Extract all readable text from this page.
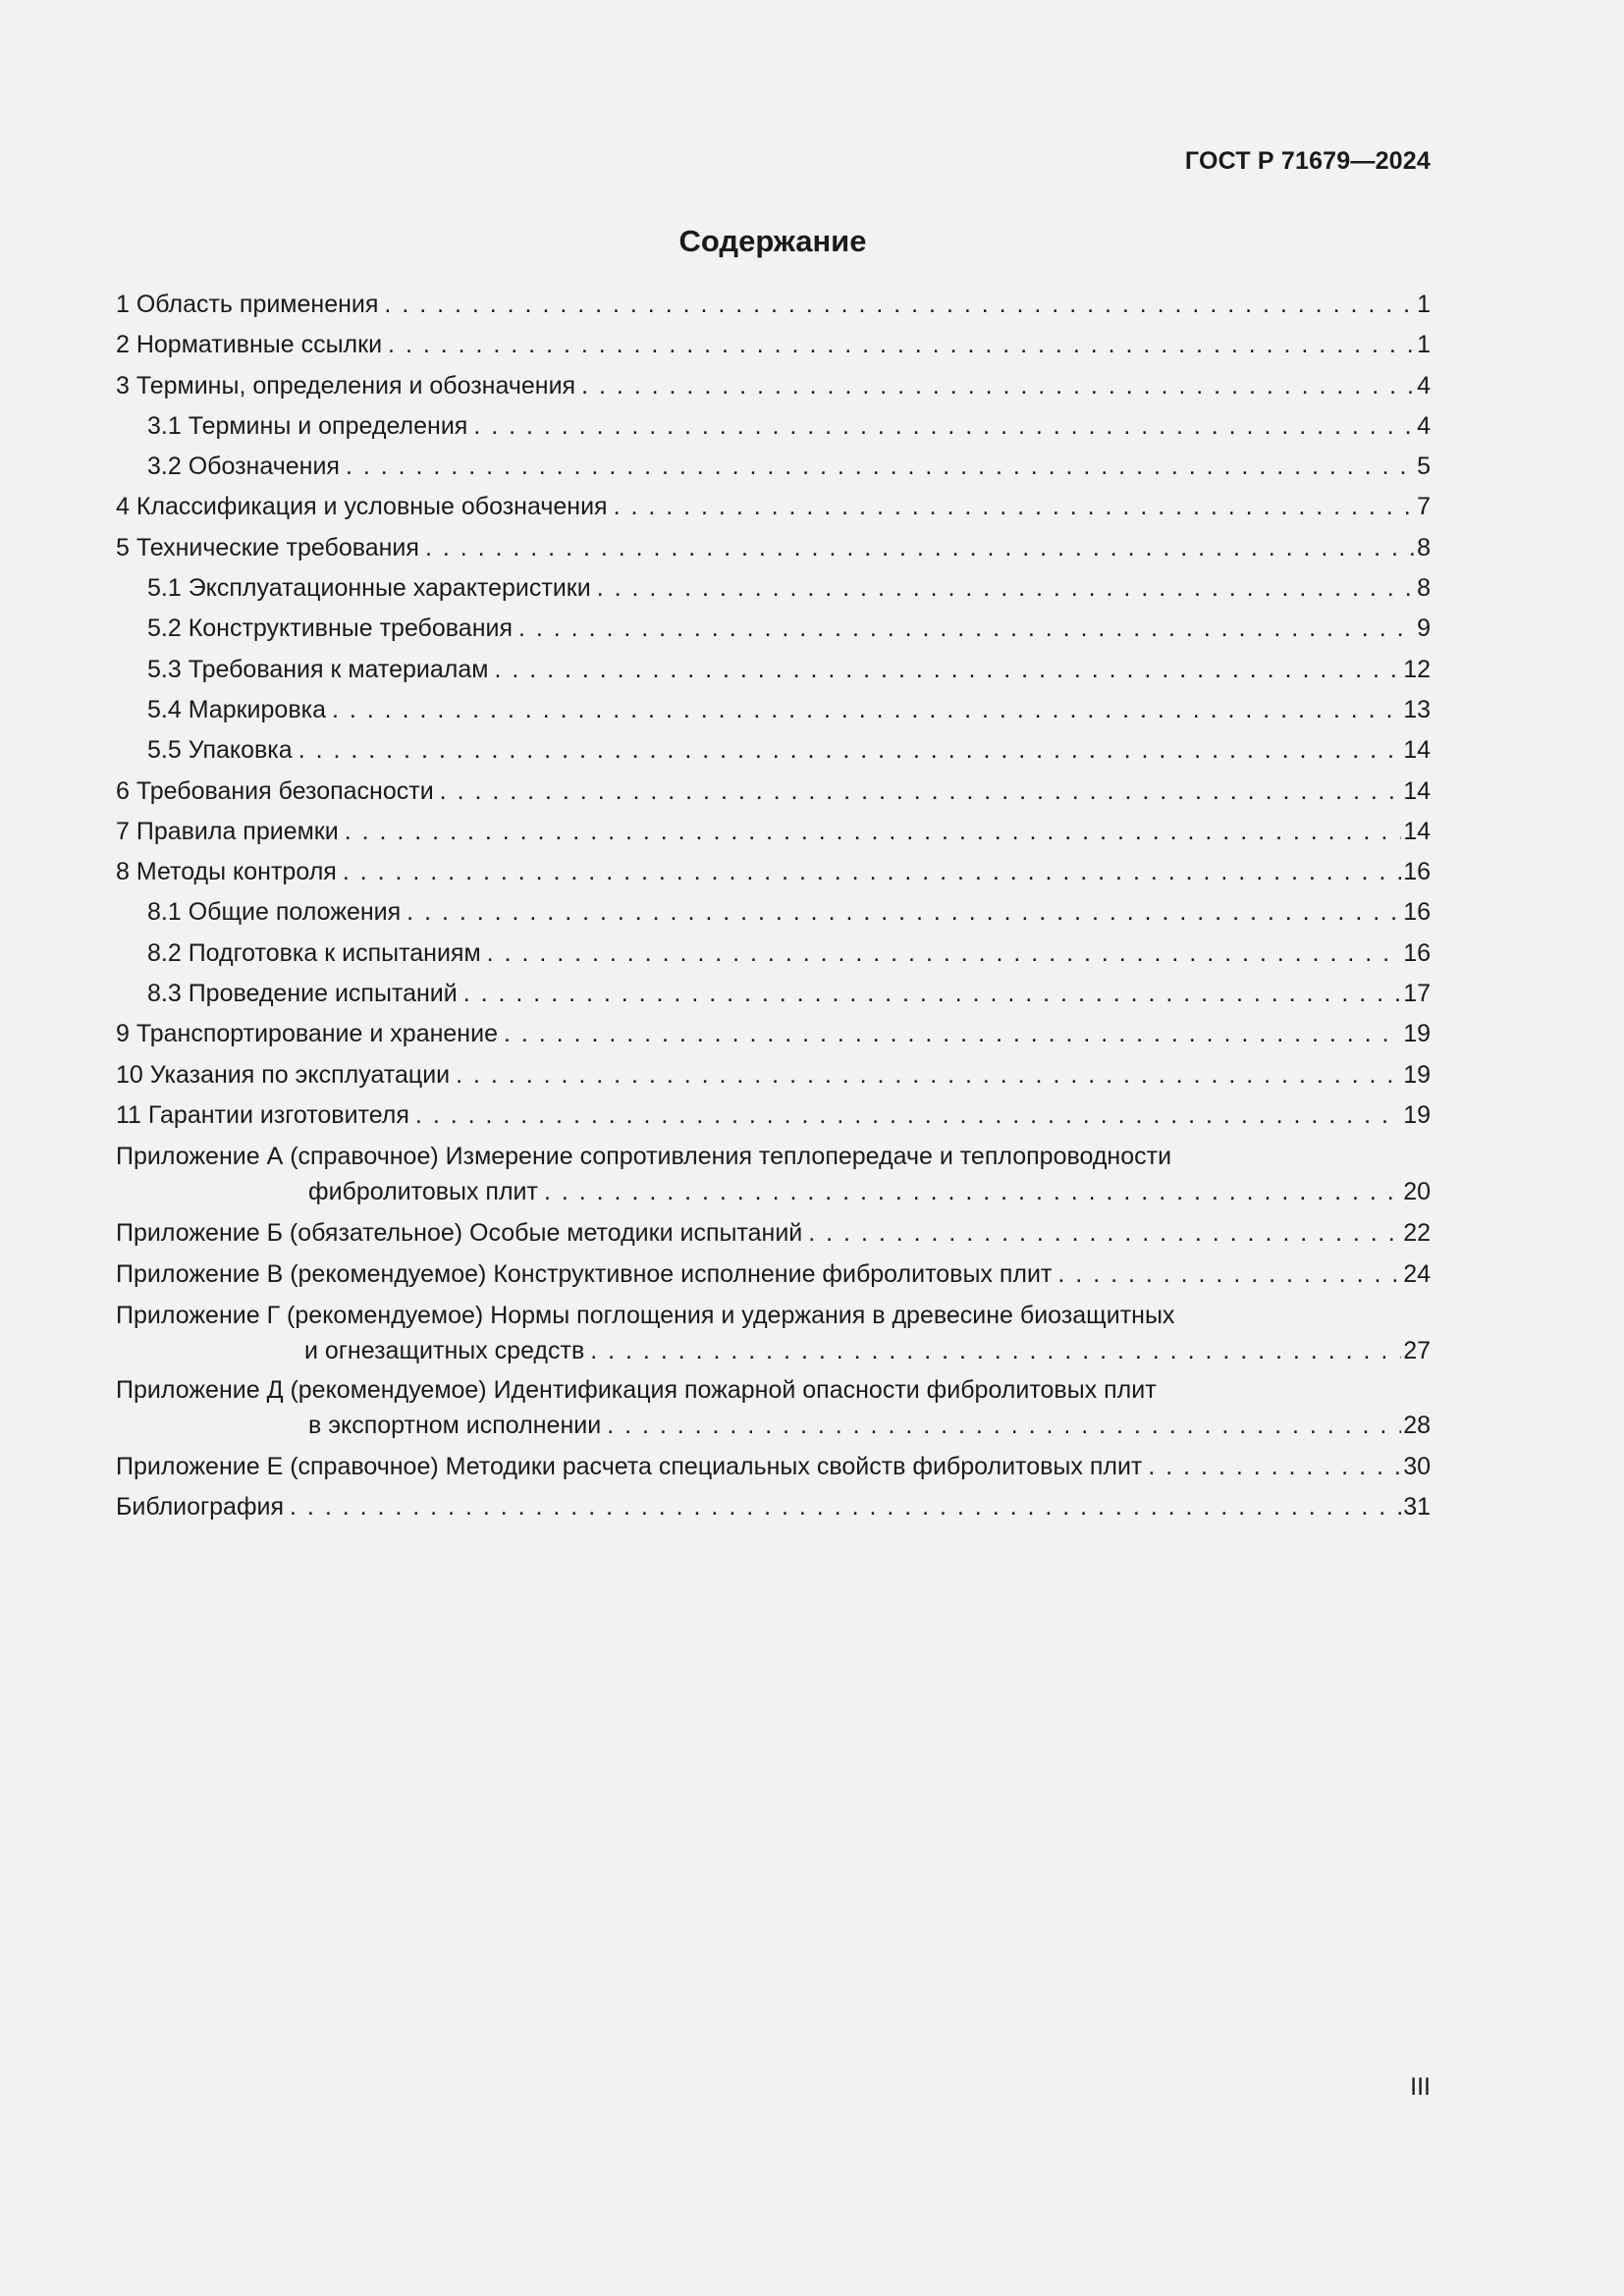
ГОСТ Р 71679—2024
Содержание
1 Область применения . . .	1
2 Нормативные ссылки . . .	1
3 Термины, определения и обозначения . . .	4
3.1 Термины и определения . . .	4
3.2 Обозначения . . .	5
4 Классификация и условные обозначения . . .	7
5 Технические требования . . .	8
5.1 Эксплуатационные характеристики . . .	8
5.2 Конструктивные требования . . .	9
5.3 Требования к материалам . . .	12
5.4 Маркировка . . .	13
5.5 Упаковка . . .	14
6 Требования безопасности . . .	14
7 Правила приемки . . .	14
8 Методы контроля . . .	16
8.1 Общие положения . . .	16
8.2 Подготовка к испытаниям . . .	16
8.3 Проведение испытаний . . .	17
9 Транспортирование и хранение . . .	19
10 Указания по эксплуатации . . .	19
11 Гарантии изготовителя . . .	19
Приложение А (справочное) Измерение сопротивления теплопередаче и теплопроводности
фибролитовых плит . . .	20
Приложение Б (обязательное) Особые методики испытаний . . .	22
Приложение В (рекомендуемое) Конструктивное исполнение фибролитовых плит . . .	24
Приложение Г (рекомендуемое) Нормы поглощения и удержания в древесине биозащитных
и огнезащитных средств . . .	27
Приложение Д (рекомендуемое) Идентификация пожарной опасности фибролитовых плит
в экспортном исполнении . . .	28
Приложение Е (справочное) Методики расчета специальных свойств фибролитовых плит . . .	30
Библиография . . .	31
III
